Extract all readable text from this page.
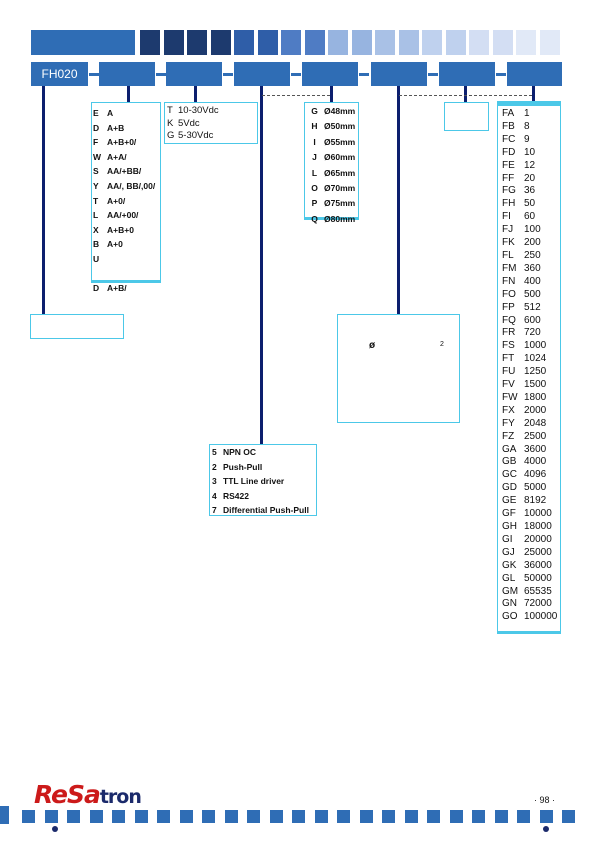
FH020
E A
D A+B
F A+B+0/
W A+A/
S AA/+BB/
Y AA/, BB/,00/
T A+0/
L AA/+00/
X A+B+0
B A+0
U

D A+B/
T 10-30Vdc
K 5Vdc
G 5-30Vdc
G Ø48mm
H Ø50mm
I Ø55mm
J Ø60mm
L Ø65mm
O Ø70mm
P Ø75mm
Q Ø80mm
FA 1
FB 8
FC 9
FD 10
FE 12
FF 20
FG 36
FH 50
FI 60
FJ 100
FK 200
FL 250
FM 360
FN 400
FO 500
FP 512
FQ 600
FR 720
FS 1000
FT 1024
FU 1250
FV 1500
FW 1800
FX 2000
FY 2048
FZ 2500
GA 3600
GB 4000
GC 4096
GD 5000
GE 8192
GF 10000
GH 18000
GI 20000
GJ 25000
GK 36000
GL 50000
GM 65535
GN 72000
GO 100000
ø	2
5 NPN OC
2 Push-Pull
3 TTL Line driver
4 RS422
7 Differential Push-Pull
ReSatron	· 98 ·
